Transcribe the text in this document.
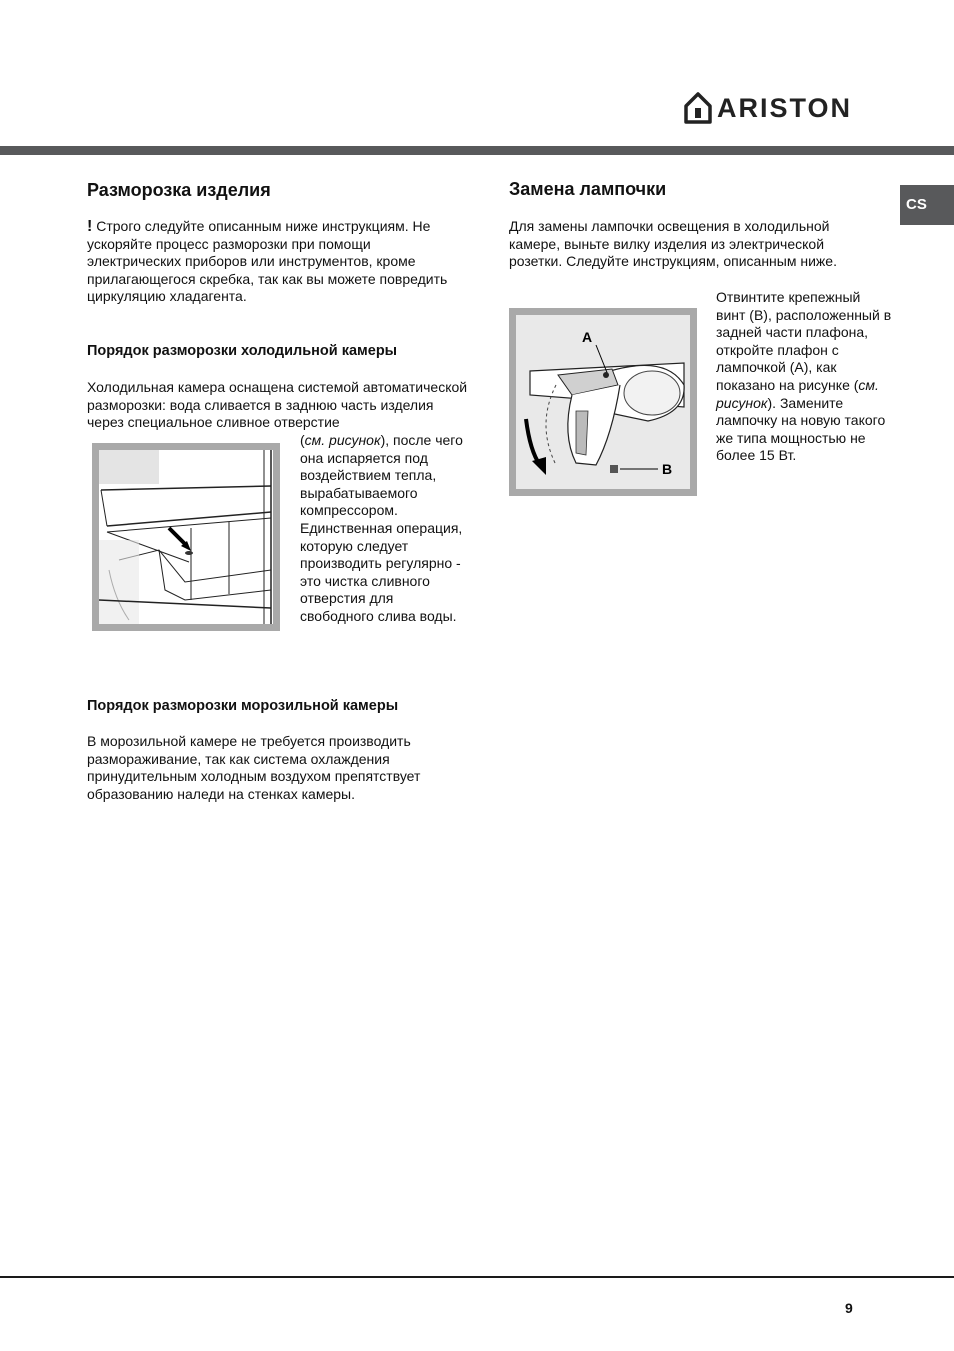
ARISTON
CS
Разморозка изделия

! Строго следуйте описанным ниже инструкциям. Не ускоряйте процесс разморозки при помощи электрических приборов или инструментов, кроме прилагающегося скребка, так как вы можете повредить циркуляцию хладагента.

Порядок разморозки холодильной камеры

Холодильная камера оснащена системой автоматической разморозки: вода сливается в заднюю часть изделия через специальное сливное отверстие

(см. рисунок), после чего она испаряется под воздействием тепла, вырабатываемого компрессором. Единственная операция, которую следует производить регулярно - это чистка сливного отверстия для свободного слива воды.

Порядок разморозки морозильной камеры

В морозильной камере не требуется производить размораживание, так как система охлаждения принудительным холодным воздухом препятствует образованию наледи на стенках камеры.

Замена лампочки

Для замены лампочки освещения в холодильной камере, выньте вилку изделия из электрической розетки. Следуйте инструкциям, описанным ниже.

A
B

Отвинтите крепежный винт (B), расположенный в задней части плафона, откройте плафон с лампочкой (A), как показано на рисунке (см. рисунок). Замените лампочку на новую такого же типа мощностью не более 15 Вт.

9
